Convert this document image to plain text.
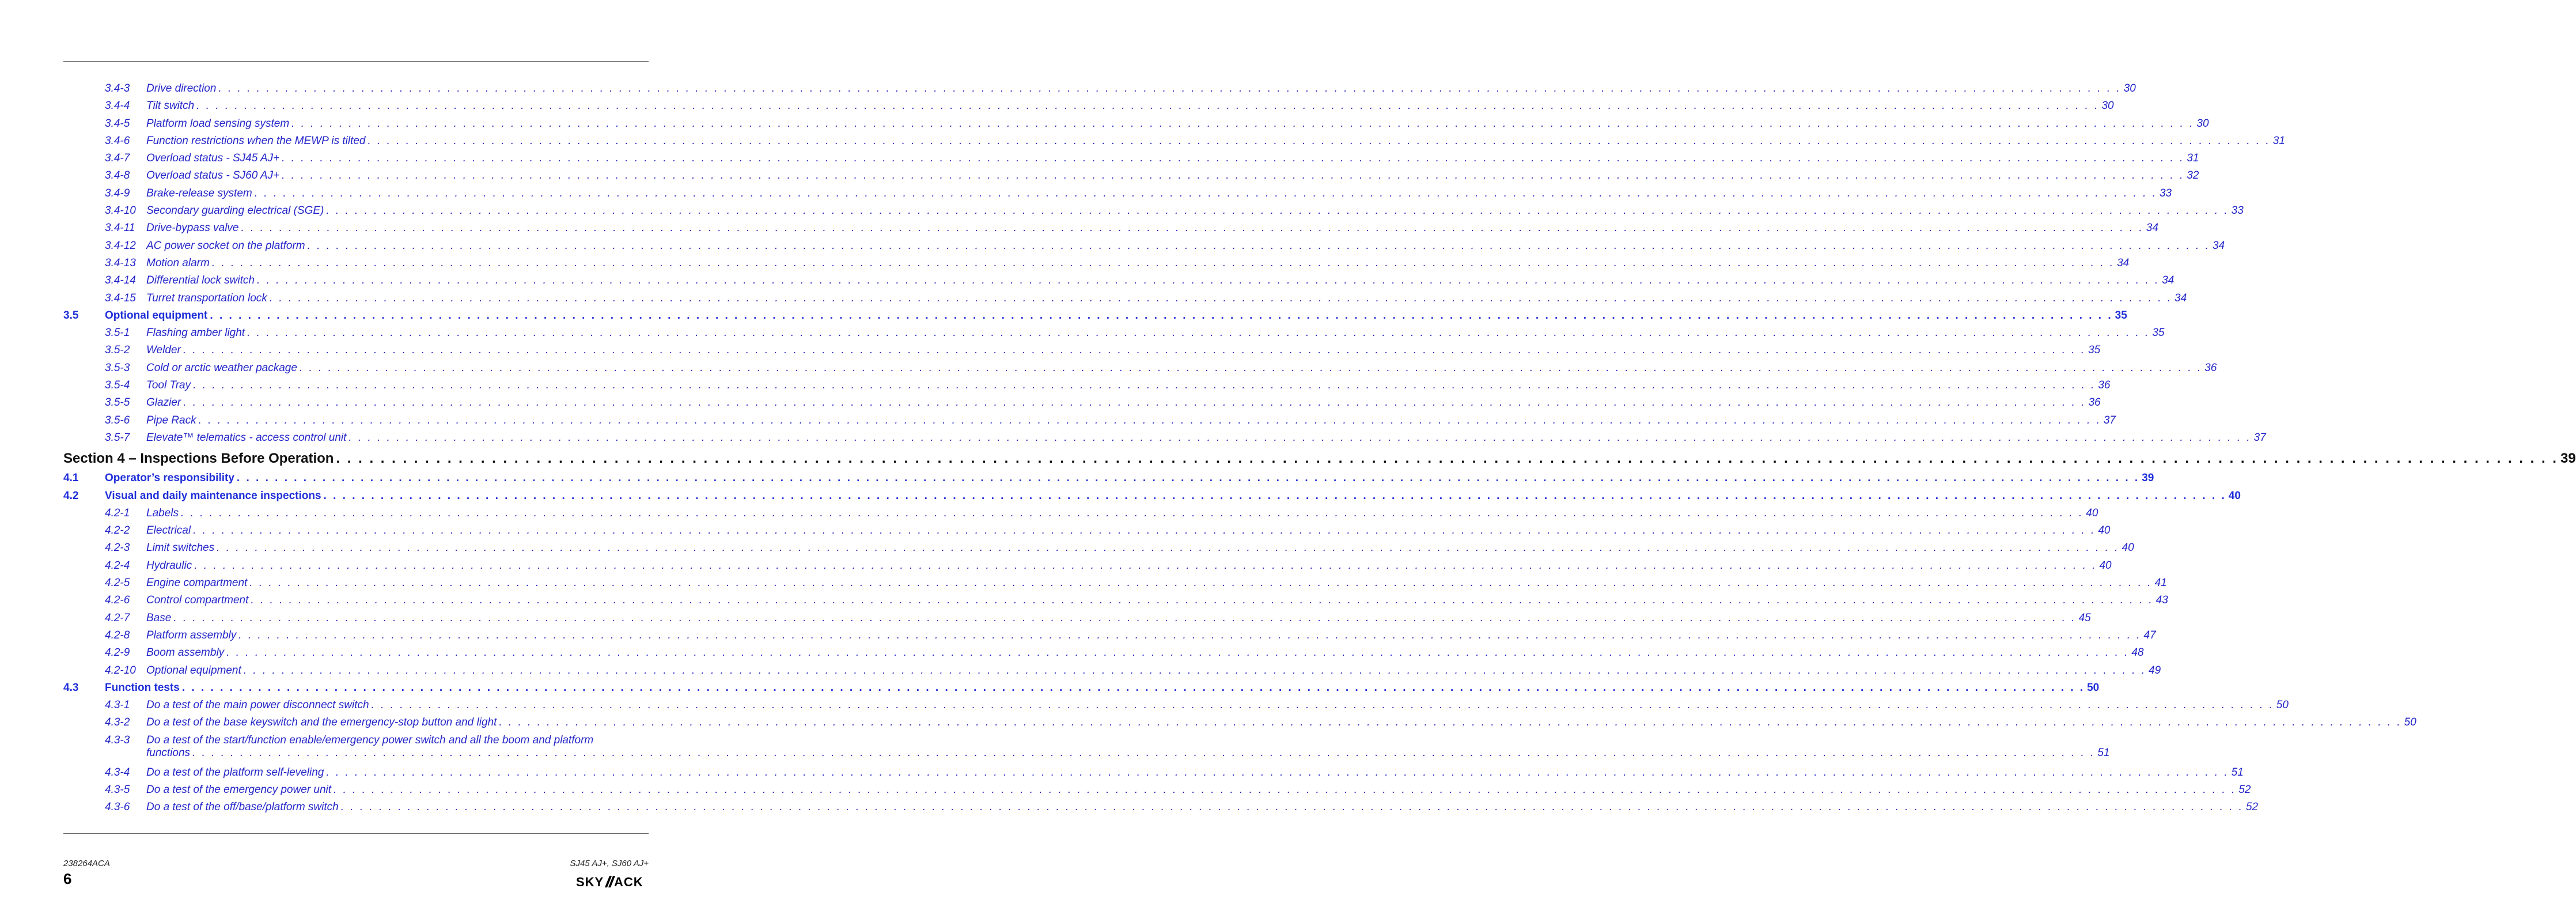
3.4-3 Drive direction . . . . . . . . . . . . . . . . . . . . . . . . . . . . . . . . . . . . . . . . . . . . . . . . . . . . . . . . . . . . . . . . . . . . . . . . . . . . . . . . . . . . . . . . . . . . . . . . . . . . . . . . . . . . . . . . . . . . . . . . . . . . . . . . . . . . . . . . . . . . . . . . . . . . . . . . . . . . . . . . . . . . . . . . . . . . . . . . . . . . . . . . . . . . . . . . . . . . . . . . 30
3.4-4 Tilt switch . . . . . . . . . . . . . . . . . . . . . . . . . . . . . . . . . . . . . . . . . . . . . . . . . . . . . . . . . . . . . . . . . . . . . . . . . . . . . . . . . . . . . . . . . . . . . . . . . . . . . . . . . . . . . . . . . . . . . . . . . . . . . . . . . . . . . . . . . . . . . . . . . . . . . . . . . . . . . . . . . . . . . . . . . . . . . . . . . . . . . . . . . . . . . . . . . . . . . . . . 30
3.4-5 Platform load sensing system . . . . . . . . . . . . . . . . . . . . . . . . . . . . . . . . . . . . . . . . . . . . . . . . . . . . . . . . . . . . . . . . . . . . . . . . . . . . . . . . . . . . . . . . . . . . . . . . . . . . . . . . . . . . . . . . . . . . . . . . . . . . . . . . . . . . . . . . . . . . . . . . . . . . . . . . . . . . . . . . . . . . . . . . . . . . . . . . . . . . . . . . . . . . . . . . . . . . . . . . 30
3.4-6 Function restrictions when the MEWP is tilted . . . . . . . . . . . . . . . . . . . . . . . . . . . . . . . . . . . . . . . . . . . . . . . . . . . . . . . . . . . . . . . . . . . . . . . . . . . . . . . . . . . . . . . . . . . . . . . . . . . . . . . . . . . . . . . . . . . . . . . . . . . . . . . . . . . . . . . . . . . . . . . . . . . . . . . . . . . . . . . . . . . . . . . . . . . . . . . . . . . . . . . . . . . . . . . . . . . . . . . . 31
3.4-7 Overload status - SJ45 AJ+ . . . . . . . . . . . . . . . . . . . . . . . . . . . . . . . . . . . . . . . . . . . . . . . . . . . . . . . . . . . . . . . . . . . . . . . . . . . . . . . . . . . . . . . . . . . . . . . . . . . . . . . . . . . . . . . . . . . . . . . . . . . . . . . . . . . . . . . . . . . . . . . . . . . . . . . . . . . . . . . . . . . . . . . . . . . . . . . . . . . . . . . . . . . . . . . . . . . . . . . . 31
3.4-8 Overload status - SJ60 AJ+ . . . . . . . . . . . . . . . . . . . . . . . . . . . . . . . . . . . . . . . . . . . . . . . . . . . . . . . . . . . . . . . . . . . . . . . . . . . . . . . . . . . . . . . . . . . . . . . . . . . . . . . . . . . . . . . . . . . . . . . . . . . . . . . . . . . . . . . . . . . . . . . . . . . . . . . . . . . . . . . . . . . . . . . . . . . . . . . . . . . . . . . . . . . . . . . . . . . . . . . . 32
3.4-9 Brake-release system . . . . . . . . . . . . . . . . . . . . . . . . . . . . . . . . . . . . . . . . . . . . . . . . . . . . . . . . . . . . . . . . . . . . . . . . . . . . . . . . . . . . . . . . . . . . . . . . . . . . . . . . . . . . . . . . . . . . . . . . . . . . . . . . . . . . . . . . . . . . . . . . . . . . . . . . . . . . . . . . . . . . . . . . . . . . . . . . . . . . . . . . . . . . . . . . . . . . . . . . 33
3.4-10 Secondary guarding electrical (SGE) . . . . . . . . . . . . . . . . . . . . . . . . . . . . . . . . . . . . . . . . . . . . . . . . . . . . . . . . . . . . . . . . . . . . . . . . . . . . . . . . . . . . . . . . . . . . . . . . . . . . . . . . . . . . . . . . . . . . . . . . . . . . . . . . . . . . . . . . . . . . . . . . . . . . . . . . . . . . . . . . . . . . . . . . . . . . . . . . . . . . . . . . . . . . . . . . . . . . . . . . 33
3.4-11 Drive-bypass valve . . . . . . . . . . . . . . . . . . . . . . . . . . . . . . . . . . . . . . . . . . . . . . . . . . . . . . . . . . . . . . . . . . . . . . . . . . . . . . . . . . . . . . . . . . . . . . . . . . . . . . . . . . . . . . . . . . . . . . . . . . . . . . . . . . . . . . . . . . . . . . . . . . . . . . . . . . . . . . . . . . . . . . . . . . . . . . . . . . . . . . . . . . . . . . . . . . . . . . . . 34
3.4-12 AC power socket on the platform . . . . . . . . . . . . . . . . . . . . . . . . . . . . . . . . . . . . . . . . . . . . . . . . . . . . . . . . . . . . . . . . . . . . . . . . . . . . . . . . . . . . . . . . . . . . . . . . . . . . . . . . . . . . . . . . . . . . . . . . . . . . . . . . . . . . . . . . . . . . . . . . . . . . . . . . . . . . . . . . . . . . . . . . . . . . . . . . . . . . . . . . . . . . . . . . . . . . . . . . 34
3.4-13 Motion alarm . . . . . . . . . . . . . . . . . . . . . . . . . . . . . . . . . . . . . . . . . . . . . . . . . . . . . . . . . . . . . . . . . . . . . . . . . . . . . . . . . . . . . . . . . . . . . . . . . . . . . . . . . . . . . . . . . . . . . . . . . . . . . . . . . . . . . . . . . . . . . . . . . . . . . . . . . . . . . . . . . . . . . . . . . . . . . . . . . . . . . . . . . . . . . . . . . . . . . . . . 34
3.4-14 Differential lock switch . . . . . . . . . . . . . . . . . . . . . . . . . . . . . . . . . . . . . . . . . . . . . . . . . . . . . . . . . . . . . . . . . . . . . . . . . . . . . . . . . . . . . . . . . . . . . . . . . . . . . . . . . . . . . . . . . . . . . . . . . . . . . . . . . . . . . . . . . . . . . . . . . . . . . . . . . . . . . . . . . . . . . . . . . . . . . . . . . . . . . . . . . . . . . . . . . . . . . . . . 34
3.4-15 Turret transportation lock . . . . . . . . . . . . . . . . . . . . . . . . . . . . . . . . . . . . . . . . . . . . . . . . . . . . . . . . . . . . . . . . . . . . . . . . . . . . . . . . . . . . . . . . . . . . . . . . . . . . . . . . . . . . . . . . . . . . . . . . . . . . . . . . . . . . . . . . . . . . . . . . . . . . . . . . . . . . . . . . . . . . . . . . . . . . . . . . . . . . . . . . . . . . . . . . . . . . . . . . 34
3.5 Optional equipment . . . . . . . . . . . . . . . . . . . . . . . . . . . . . . . . . . . . . . . . . . . . . . . . . . . . . . . . . . . . . . . . . . . . . . . . . . . . . . . . . . . . . . . . . . . . . . . . . . . . . . . . . . . . . . . . . . . . . . . . . . . . . . . . . . . . . . . . . . . . . . . . . . . . . . . . . . . . . . . . . . . . . . . . . . . . . . . . . . . . . . . . . . . . . . . . . . . . . . . . 35
3.5-1 Flashing amber light . . . . . . . . . . . . . . . . . . . . . . . . . . . . . . . . . . . . . . . . . . . . . . . . . . . . . . . . . . . . . . . . . . . . . . . . . . . . . . . . . . . . . . . . . . . . . . . . . . . . . . . . . . . . . . . . . . . . . . . . . . . . . . . . . . . . . . . . . . . . . . . . . . . . . . . . . . . . . . . . . . . . . . . . . . . . . . . . . . . . . . . . . . . . . . . . . . . . . . . . 35
3.5-2 Welder . . . . . . . . . . . . . . . . . . . . . . . . . . . . . . . . . . . . . . . . . . . . . . . . . . . . . . . . . . . . . . . . . . . . . . . . . . . . . . . . . . . . . . . . . . . . . . . . . . . . . . . . . . . . . . . . . . . . . . . . . . . . . . . . . . . . . . . . . . . . . . . . . . . . . . . . . . . . . . . . . . . . . . . . . . . . . . . . . . . . . . . . . . . . . . . . . . . . . . . . 35
3.5-3 Cold or arctic weather package . . . . . . . . . . . . . . . . . . . . . . . . . . . . . . . . . . . . . . . . . . . . . . . . . . . . . . . . . . . . . . . . . . . . . . . . . . . . . . . . . . . . . . . . . . . . . . . . . . . . . . . . . . . . . . . . . . . . . . . . . . . . . . . . . . . . . . . . . . . . . . . . . . . . . . . . . . . . . . . . . . . . . . . . . . . . . . . . . . . . . . . . . . . . . . . . . . . . . . . . 36
3.5-4 Tool Tray . . . . . . . . . . . . . . . . . . . . . . . . . . . . . . . . . . . . . . . . . . . . . . . . . . . . . . . . . . . . . . . . . . . . . . . . . . . . . . . . . . . . . . . . . . . . . . . . . . . . . . . . . . . . . . . . . . . . . . . . . . . . . . . . . . . . . . . . . . . . . . . . . . . . . . . . . . . . . . . . . . . . . . . . . . . . . . . . . . . . . . . . . . . . . . . . . . . . . . . . 36
3.5-5 Glazier . . . . . . . . . . . . . . . . . . . . . . . . . . . . . . . . . . . . . . . . . . . . . . . . . . . . . . . . . . . . . . . . . . . . . . . . . . . . . . . . . . . . . . . . . . . . . . . . . . . . . . . . . . . . . . . . . . . . . . . . . . . . . . . . . . . . . . . . . . . . . . . . . . . . . . . . . . . . . . . . . . . . . . . . . . . . . . . . . . . . . . . . . . . . . . . . . . . . . . . . 36
3.5-6 Pipe Rack . . . . . . . . . . . . . . . . . . . . . . . . . . . . . . . . . . . . . . . . . . . . . . . . . . . . . . . . . . . . . . . . . . . . . . . . . . . . . . . . . . . . . . . . . . . . . . . . . . . . . . . . . . . . . . . . . . . . . . . . . . . . . . . . . . . . . . . . . . . . . . . . . . . . . . . . . . . . . . . . . . . . . . . . . . . . . . . . . . . . . . . . . . . . . . . . . . . . . . . . 37
3.5-7 Elevate™ telematics - access control unit . . . . . . . . . . . . . . . . . . . . . . . . . . . . . . . . . . . . . . . . . . . . . . . . . . . . . . . . . . . . . . . . . . . . . . . . . . . . . . . . . . . . . . . . . . . . . . . . . . . . . . . . . . . . . . . . . . . . . . . . . . . . . . . . . . . . . . . . . . . . . . . . . . . . . . . . . . . . . . . . . . . . . . . . . . . . . . . . . . . . . . . . . . . . . . . . . . . . . . . . 37
Section 4 – Inspections Before Operation . . . . . . . . . . . . . . . . . . . . . . . . . . . . . . . . . . . . . . . . . . . . . . . . . . . . . . . . . . . . . . . . . . . . . . . . . . . . . . . . . . . . . . . . . . . . . . . . . . . . . . . . . . . . . . . . . . . . . . . . . . . . . . . . . . . . . . . . . . . . . . . . . . . . . . . . . . . . . . . . . . . . . . . . . . . . . . . . . . . . . . . . . . . . . . . . . . . . . . . . 39
4.1 Operator’s responsibility . . . . . . . . . . . . . . . . . . . . . . . . . . . . . . . . . . . . . . . . . . . . . . . . . . . . . . . . . . . . . . . . . . . . . . . . . . . . . . . . . . . . . . . . . . . . . . . . . . . . . . . . . . . . . . . . . . . . . . . . . . . . . . . . . . . . . . . . . . . . . . . . . . . . . . . . . . . . . . . . . . . . . . . . . . . . . . . . . . . . . . . . . . . . . . . . . . . . . . . . 39
4.2 Visual and daily maintenance inspections . . . . . . . . . . . . . . . . . . . . . . . . . . . . . . . . . . . . . . . . . . . . . . . . . . . . . . . . . . . . . . . . . . . . . . . . . . . . . . . . . . . . . . . . . . . . . . . . . . . . . . . . . . . . . . . . . . . . . . . . . . . . . . . . . . . . . . . . . . . . . . . . . . . . . . . . . . . . . . . . . . . . . . . . . . . . . . . . . . . . . . . . . . . . . . . . . . . . . . . . 40
4.2-1 Labels . . . . . . . . . . . . . . . . . . . . . . . . . . . . . . . . . . . . . . . . . . . . . . . . . . . . . . . . . . . . . . . . . . . . . . . . . . . . . . . . . . . . . . . . . . . . . . . . . . . . . . . . . . . . . . . . . . . . . . . . . . . . . . . . . . . . . . . . . . . . . . . . . . . . . . . . . . . . . . . . . . . . . . . . . . . . . . . . . . . . . . . . . . . . . . . . . . . . . . . . 40
4.2-2 Electrical . . . . . . . . . . . . . . . . . . . . . . . . . . . . . . . . . . . . . . . . . . . . . . . . . . . . . . . . . . . . . . . . . . . . . . . . . . . . . . . . . . . . . . . . . . . . . . . . . . . . . . . . . . . . . . . . . . . . . . . . . . . . . . . . . . . . . . . . . . . . . . . . . . . . . . . . . . . . . . . . . . . . . . . . . . . . . . . . . . . . . . . . . . . . . . . . . . . . . . . . 40
4.2-3 Limit switches . . . . . . . . . . . . . . . . . . . . . . . . . . . . . . . . . . . . . . . . . . . . . . . . . . . . . . . . . . . . . . . . . . . . . . . . . . . . . . . . . . . . . . . . . . . . . . . . . . . . . . . . . . . . . . . . . . . . . . . . . . . . . . . . . . . . . . . . . . . . . . . . . . . . . . . . . . . . . . . . . . . . . . . . . . . . . . . . . . . . . . . . . . . . . . . . . . . . . . . . 40
4.2-4 Hydraulic . . . . . . . . . . . . . . . . . . . . . . . . . . . . . . . . . . . . . . . . . . . . . . . . . . . . . . . . . . . . . . . . . . . . . . . . . . . . . . . . . . . . . . . . . . . . . . . . . . . . . . . . . . . . . . . . . . . . . . . . . . . . . . . . . . . . . . . . . . . . . . . . . . . . . . . . . . . . . . . . . . . . . . . . . . . . . . . . . . . . . . . . . . . . . . . . . . . . . . . . 40
4.2-5 Engine compartment . . . . . . . . . . . . . . . . . . . . . . . . . . . . . . . . . . . . . . . . . . . . . . . . . . . . . . . . . . . . . . . . . . . . . . . . . . . . . . . . . . . . . . . . . . . . . . . . . . . . . . . . . . . . . . . . . . . . . . . . . . . . . . . . . . . . . . . . . . . . . . . . . . . . . . . . . . . . . . . . . . . . . . . . . . . . . . . . . . . . . . . . . . . . . . . . . . . . . . . . 41
4.2-6 Control compartment . . . . . . . . . . . . . . . . . . . . . . . . . . . . . . . . . . . . . . . . . . . . . . . . . . . . . . . . . . . . . . . . . . . . . . . . . . . . . . . . . . . . . . . . . . . . . . . . . . . . . . . . . . . . . . . . . . . . . . . . . . . . . . . . . . . . . . . . . . . . . . . . . . . . . . . . . . . . . . . . . . . . . . . . . . . . . . . . . . . . . . . . . . . . . . . . . . . . . . . . 43
4.2-7 Base . . . . . . . . . . . . . . . . . . . . . . . . . . . . . . . . . . . . . . . . . . . . . . . . . . . . . . . . . . . . . . . . . . . . . . . . . . . . . . . . . . . . . . . . . . . . . . . . . . . . . . . . . . . . . . . . . . . . . . . . . . . . . . . . . . . . . . . . . . . . . . . . . . . . . . . . . . . . . . . . . . . . . . . . . . . . . . . . . . . . . . . . . . . . . . . . . . . . . . . . 45
4.2-8 Platform assembly . . . . . . . . . . . . . . . . . . . . . . . . . . . . . . . . . . . . . . . . . . . . . . . . . . . . . . . . . . . . . . . . . . . . . . . . . . . . . . . . . . . . . . . . . . . . . . . . . . . . . . . . . . . . . . . . . . . . . . . . . . . . . . . . . . . . . . . . . . . . . . . . . . . . . . . . . . . . . . . . . . . . . . . . . . . . . . . . . . . . . . . . . . . . . . . . . . . . . . . . 47
4.2-9 Boom assembly . . . . . . . . . . . . . . . . . . . . . . . . . . . . . . . . . . . . . . . . . . . . . . . . . . . . . . . . . . . . . . . . . . . . . . . . . . . . . . . . . . . . . . . . . . . . . . . . . . . . . . . . . . . . . . . . . . . . . . . . . . . . . . . . . . . . . . . . . . . . . . . . . . . . . . . . . . . . . . . . . . . . . . . . . . . . . . . . . . . . . . . . . . . . . . . . . . . . . . . . 48
4.2-10 Optional equipment . . . . . . . . . . . . . . . . . . . . . . . . . . . . . . . . . . . . . . . . . . . . . . . . . . . . . . . . . . . . . . . . . . . . . . . . . . . . . . . . . . . . . . . . . . . . . . . . . . . . . . . . . . . . . . . . . . . . . . . . . . . . . . . . . . . . . . . . . . . . . . . . . . . . . . . . . . . . . . . . . . . . . . . . . . . . . . . . . . . . . . . . . . . . . . . . . . . . . . . . 49
4.3 Function tests . . . . . . . . . . . . . . . . . . . . . . . . . . . . . . . . . . . . . . . . . . . . . . . . . . . . . . . . . . . . . . . . . . . . . . . . . . . . . . . . . . . . . . . . . . . . . . . . . . . . . . . . . . . . . . . . . . . . . . . . . . . . . . . . . . . . . . . . . . . . . . . . . . . . . . . . . . . . . . . . . . . . . . . . . . . . . . . . . . . . . . . . . . . . . . . . . . . . . . . . 50
4.3-1 Do a test of the main power disconnect switch . . . . . . . . . . . . . . . . . . . . . . . . . . . . . . . . . . . . . . . . . . . . . . . . . . . . . . . . . . . . . . . . . . . . . . . . . . . . . . . . . . . . . . . . . . . . . . . . . . . . . . . . . . . . . . . . . . . . . . . . . . . . . . . . . . . . . . . . . . . . . . . . . . . . . . . . . . . . . . . . . . . . . . . . . . . . . . . . . . . . . . . . . . . . . . . . . . . . . . . . 50
4.3-2 Do a test of the base keyswitch and the emergency-stop button and light . . . . . . . . . . . . . . . . . . . . . . . . . . . . . . . . . . . . . . . . . . . . . . . . . . . . . . . . . . . . . . . . . . . . . . . . . . . . . . . . . . . . . . . . . . . . . . . . . . . . . . . . . . . . . . . . . . . . . . . . . . . . . . . . . . . . . . . . . . . . . . . . . . . . . . . . . . . . . . . . . . . . . . . . . . . . . . . . . . . . . . . . . . . . . . . . . . . . . . . . 50
4.3-3 Do a test of the start/function enable/emergency power switch and all the boom and platform
functions . . . . . . . . . . . . . . . . . . . . . . . . . . . . . . . . . . . . . . . . . . . . . . . . . . . . . . . . . . . . . . . . . . . . . . . . . . . . . . . . . . . . . . . . . . . . . . . . . . . . . . . . . . . . . . . . . . . . . . . . . . . . . . . . . . . . . . . . . . . . . . . . . . . . . . . . . . . . . . . . . . . . . . . . . . . . . . . . . . . . . . . . . . . . . . . . . . . . . . . . 51
4.3-4 Do a test of the platform self-leveling . . . . . . . . . . . . . . . . . . . . . . . . . . . . . . . . . . . . . . . . . . . . . . . . . . . . . . . . . . . . . . . . . . . . . . . . . . . . . . . . . . . . . . . . . . . . . . . . . . . . . . . . . . . . . . . . . . . . . . . . . . . . . . . . . . . . . . . . . . . . . . . . . . . . . . . . . . . . . . . . . . . . . . . . . . . . . . . . . . . . . . . . . . . . . . . . . . . . . . . . 51
4.3-5 Do a test of the emergency power unit . . . . . . . . . . . . . . . . . . . . . . . . . . . . . . . . . . . . . . . . . . . . . . . . . . . . . . . . . . . . . . . . . . . . . . . . . . . . . . . . . . . . . . . . . . . . . . . . . . . . . . . . . . . . . . . . . . . . . . . . . . . . . . . . . . . . . . . . . . . . . . . . . . . . . . . . . . . . . . . . . . . . . . . . . . . . . . . . . . . . . . . . . . . . . . . . . . . . . . . . 52
4.3-6 Do a test of the off/base/platform switch . . . . . . . . . . . . . . . . . . . . . . . . . . . . . . . . . . . . . . . . . . . . . . . . . . . . . . . . . . . . . . . . . . . . . . . . . . . . . . . . . . . . . . . . . . . . . . . . . . . . . . . . . . . . . . . . . . . . . . . . . . . . . . . . . . . . . . . . . . . . . . . . . . . . . . . . . . . . . . . . . . . . . . . . . . . . . . . . . . . . . . . . . . . . . . . . . . . . . . . . 52
238264ACA	SJ45 AJ+, SJ60 AJ+
6	SKY ACK
